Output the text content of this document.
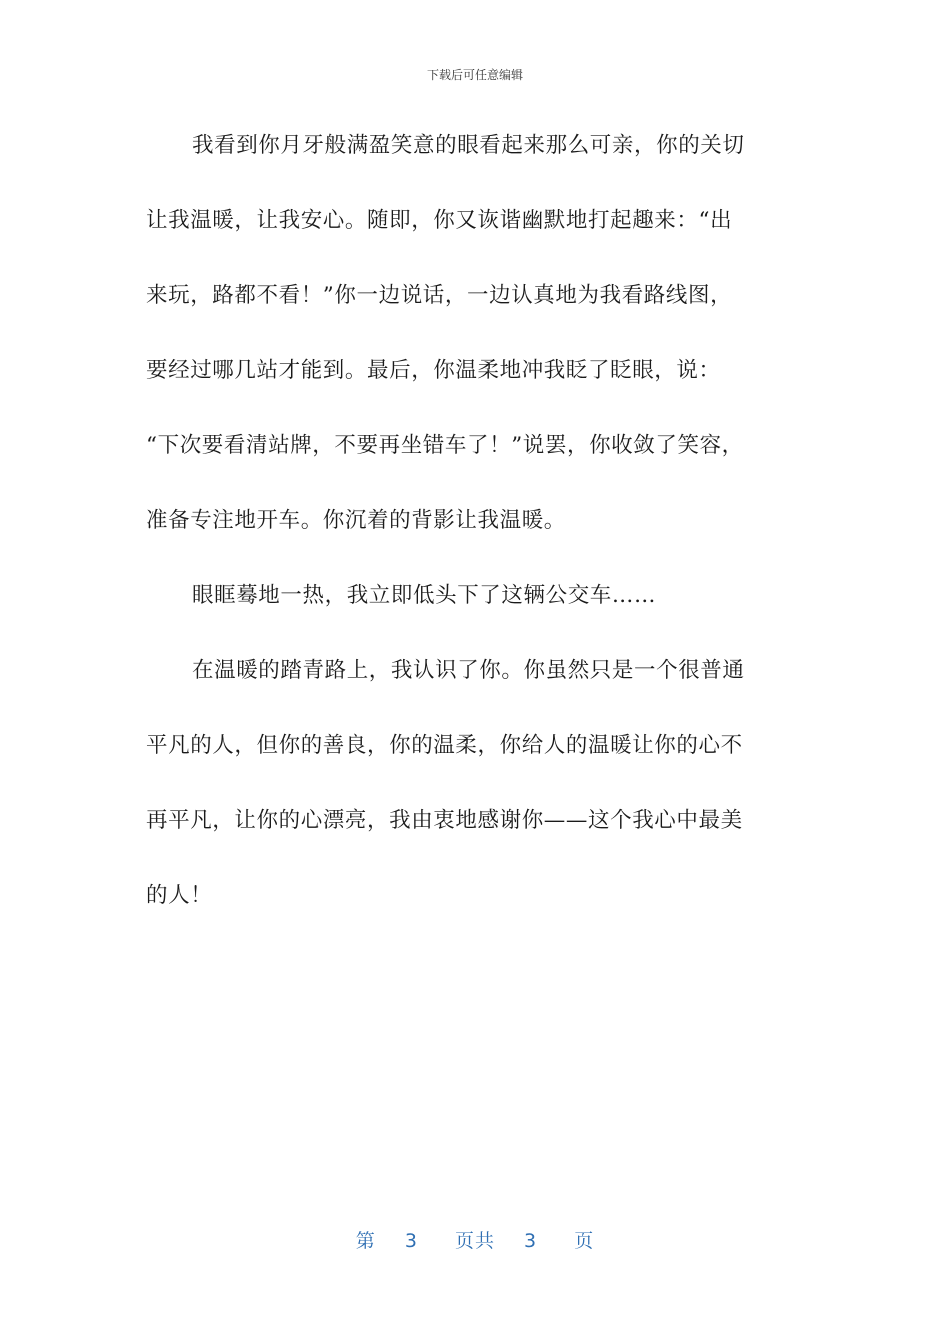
下载后可任意编辑
我看到你月牙般满盈笑意的眼看起来那么可亲，你的关切
让我温暖，让我安心。随即，你又诙谐幽默地打起趣来：“出
来玩，路都不看！”你一边说话，一边认真地为我看路线图，
要经过哪几站才能到。最后，你温柔地冲我眨了眨眼，说：
“下次要看清站牌，不要再坐错车了！”说罢，你收敛了笑容，
准备专注地开车。你沉着的背影让我温暖。
眼眶蓦地一热，我立即低头下了这辆公交车……
在温暖的踏青路上，我认识了你。你虽然只是一个很普通
平凡的人，但你的善良，你的温柔，你给人的温暖让你的心不
再平凡，让你的心漂亮，我由衷地感谢你——这个我心中最美
的人！
第 3 页共 3 页
